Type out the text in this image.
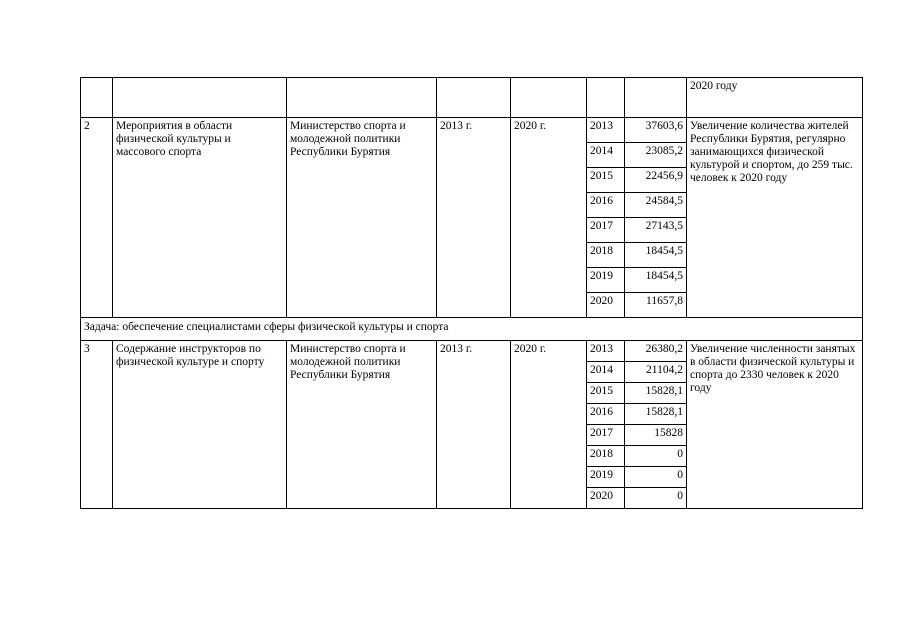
							2020 году
2	Мероприятия в области физической культуры и массового спорта	Министерство спорта и молодежной политики Республики Бурятия	2013 г.	2020 г.	2013	37603,6	Увеличение количества жителей Республики Бурятия, регулярно занимающихся физической культурой и спортом, до 259 тыс. человек к 2020 году
					2014	23085,2	
					2015	22456,9	
					2016	24584,5	
					2017	27143,5	
					2018	18454,5	
					2019	18454,5	
					2020	11657,8	
Задача: обеспечение специалистами сферы физической культуры и спорта							
3	Содержание инструкторов по физической культуре и спорту	Министерство спорта и молодежной политики Республики Бурятия	2013 г.	2020 г.	2013	26380,2	Увеличение численности занятых в области физической культуры и спорта до 2330 человек к 2020 году
					2014	21104,2	
					2015	15828,1	
					2016	15828,1	
					2017	15828	
					2018	0	
					2019	0	
					2020	0	
